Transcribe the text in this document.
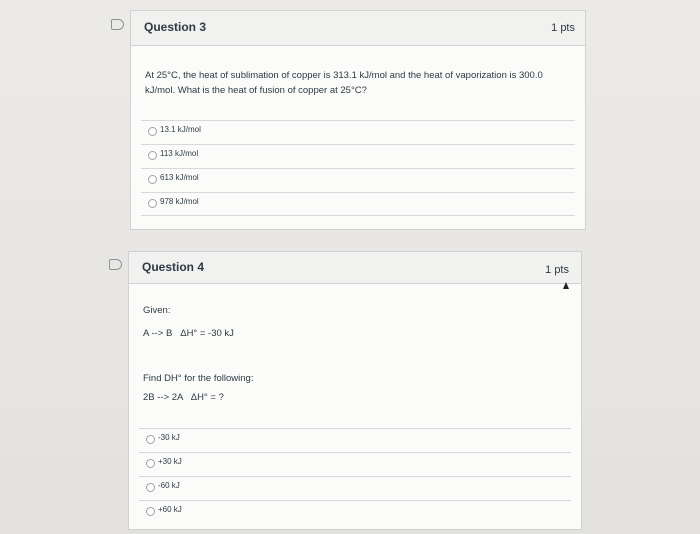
Question 3	1 pts
At 25°C, the heat of sublimation of copper is 313.1 kJ/mol and the heat of vaporization is 300.0
kJ/mol. What is the heat of fusion of copper at 25°C?
13.1 kJ/mol
113 kJ/mol
613 kJ/mol
978 kJ/mol
Question 4	1 pts
Given:
A --> B   ΔH° = -30 kJ
Find DH° for the following:
2B --> 2A   ΔH° = ?
-30 kJ
+30 kJ
-60 kJ
+60 kJ
